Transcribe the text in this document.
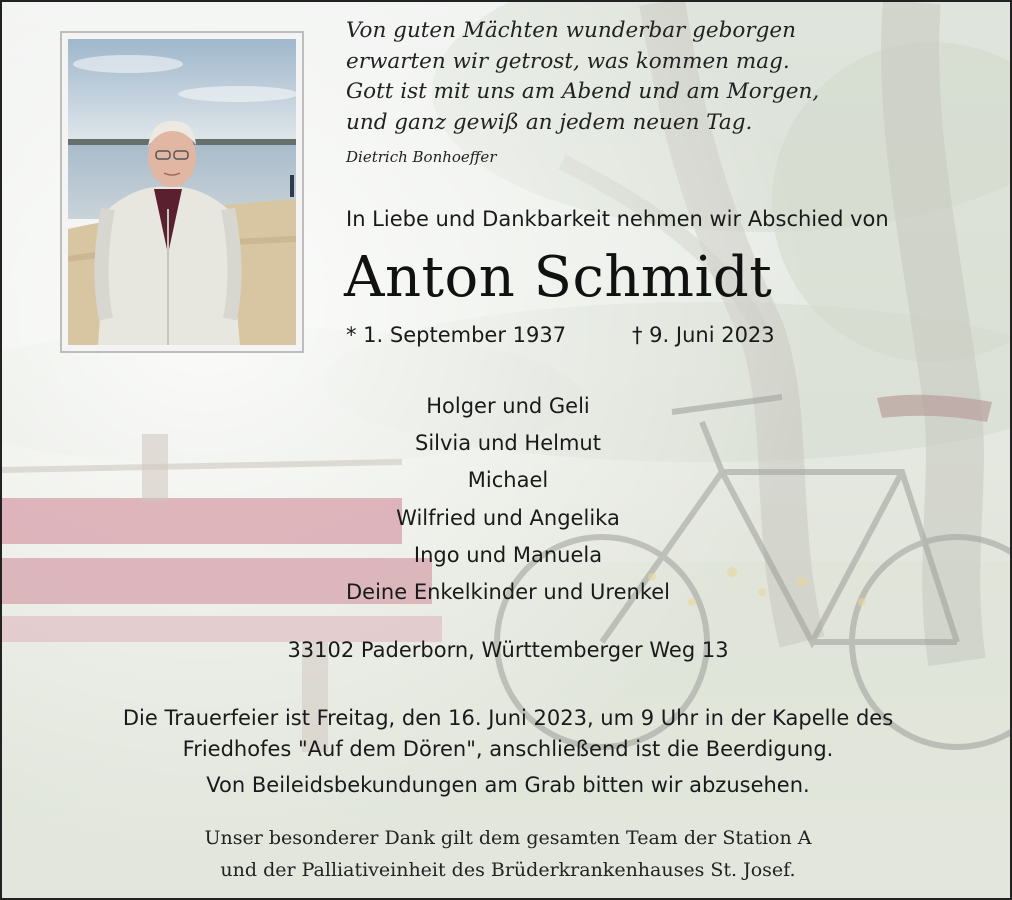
Von guten Mächten wunderbar geborgen
erwarten wir getrost, was kommen mag.
Gott ist mit uns am Abend und am Morgen,
und ganz gewiß an jedem neuen Tag.
Dietrich Bonhoeffer
In Liebe und Dankbarkeit nehmen wir Abschied von
Anton Schmidt
* 1. September 1937	† 9. Juni 2023
Holger und Geli
Silvia und Helmut
Michael
Wilfried und Angelika
Ingo und Manuela
Deine Enkelkinder und Urenkel
33102 Paderborn, Württemberger Weg 13
Die Trauerfeier ist Freitag, den 16. Juni 2023, um 9 Uhr in der Kapelle des
Friedhofes "Auf dem Dören", anschließend ist die Beerdigung.
Von Beileidsbekundungen am Grab bitten wir abzusehen.
Unser besonderer Dank gilt dem gesamten Team der Station A
und der Palliativeinheit des Brüderkrankenhauses St. Josef.
